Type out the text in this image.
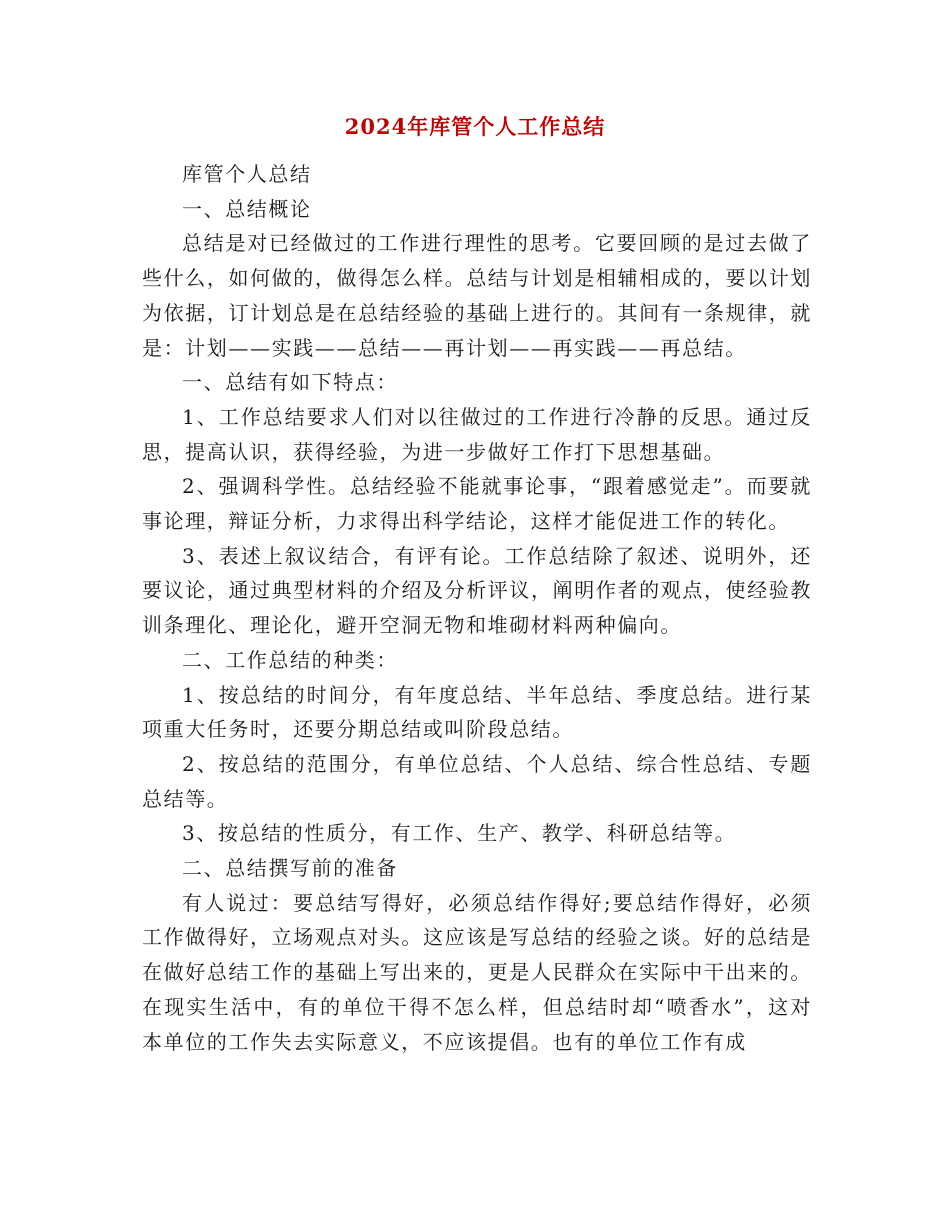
2024年库管个人工作总结

库管个人总结

一、总结概论

总结是对已经做过的工作进行理性的思考。它要回顾的是过去做了些什么，如何做的，做得怎么样。总结与计划是相辅相成的，要以计划为依据，订计划总是在总结经验的基础上进行的。其间有一条规律，就是：计划——实践——总结——再计划——再实践——再总结。

一、总结有如下特点：

1、工作总结要求人们对以往做过的工作进行冷静的反思。通过反思，提高认识，获得经验，为进一步做好工作打下思想基础。

2、强调科学性。总结经验不能就事论事，“跟着感觉走”。而要就事论理，辩证分析，力求得出科学结论，这样才能促进工作的转化。

3、表述上叙议结合，有评有论。工作总结除了叙述、说明外，还要议论，通过典型材料的介绍及分析评议，阐明作者的观点，使经验教训条理化、理论化，避开空洞无物和堆砌材料两种偏向。

二、工作总结的种类：

1、按总结的时间分，有年度总结、半年总结、季度总结。进行某项重大任务时，还要分期总结或叫阶段总结。

2、按总结的范围分，有单位总结、个人总结、综合性总结、专题总结等。

3、按总结的性质分，有工作、生产、教学、科研总结等。

二、总结撰写前的准备

有人说过：要总结写得好，必须总结作得好;要总结作得好，必须工作做得好，立场观点对头。这应该是写总结的经验之谈。好的总结是在做好总结工作的基础上写出来的，更是人民群众在实际中干出来的。在现实生活中，有的单位干得不怎么样，但总结时却“喷香水”，这对本单位的工作失去实际意义，不应该提倡。也有的单位工作有成
